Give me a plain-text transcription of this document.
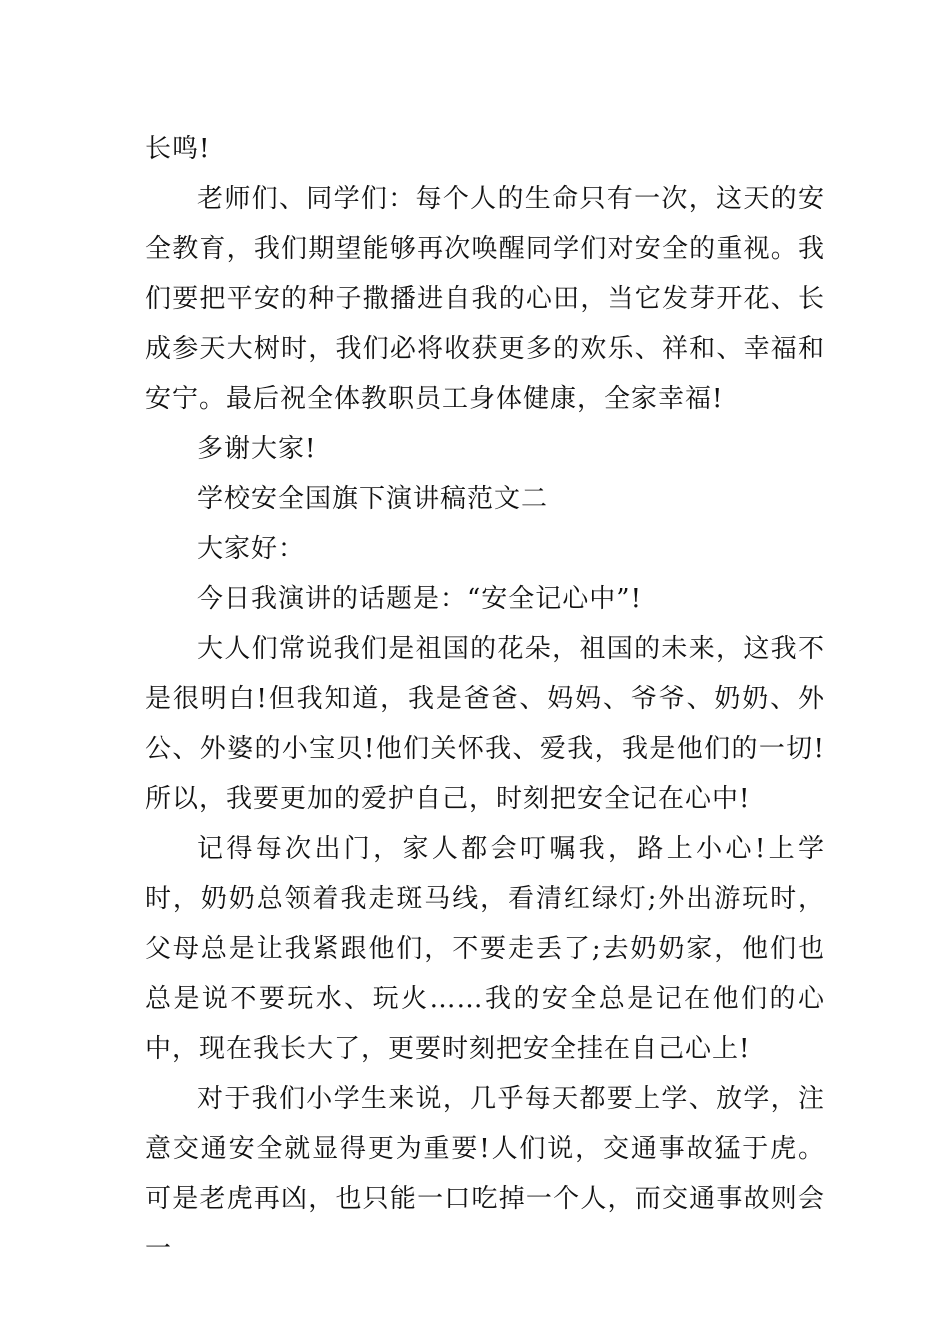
长鸣!

老师们、同学们：每个人的生命只有一次，这天的安全教育，我们期望能够再次唤醒同学们对安全的重视。我们要把平安的种子撒播进自我的心田，当它发芽开花、长成参天大树时，我们必将收获更多的欢乐、祥和、幸福和安宁。最后祝全体教职员工身体健康，全家幸福!

多谢大家!

学校安全国旗下演讲稿范文二

大家好：

今日我演讲的话题是：“安全记心中”!

大人们常说我们是祖国的花朵，祖国的未来，这我不是很明白!但我知道，我是爸爸、妈妈、爷爷、奶奶、外公、外婆的小宝贝!他们关怀我、爱我，我是他们的一切!所以，我要更加的爱护自己，时刻把安全记在心中!

记得每次出门，家人都会叮嘱我，路上小心!上学时，奶奶总领着我走斑马线，看清红绿灯;外出游玩时，父母总是让我紧跟他们，不要走丢了;去奶奶家，他们也总是说不要玩水、玩火……我的安全总是记在他们的心中，现在我长大了，更要时刻把安全挂在自己心上!

对于我们小学生来说，几乎每天都要上学、放学，注意交通安全就显得更为重要!人们说，交通事故猛于虎。可是老虎再凶，也只能一口吃掉一个人，而交通事故则会一
